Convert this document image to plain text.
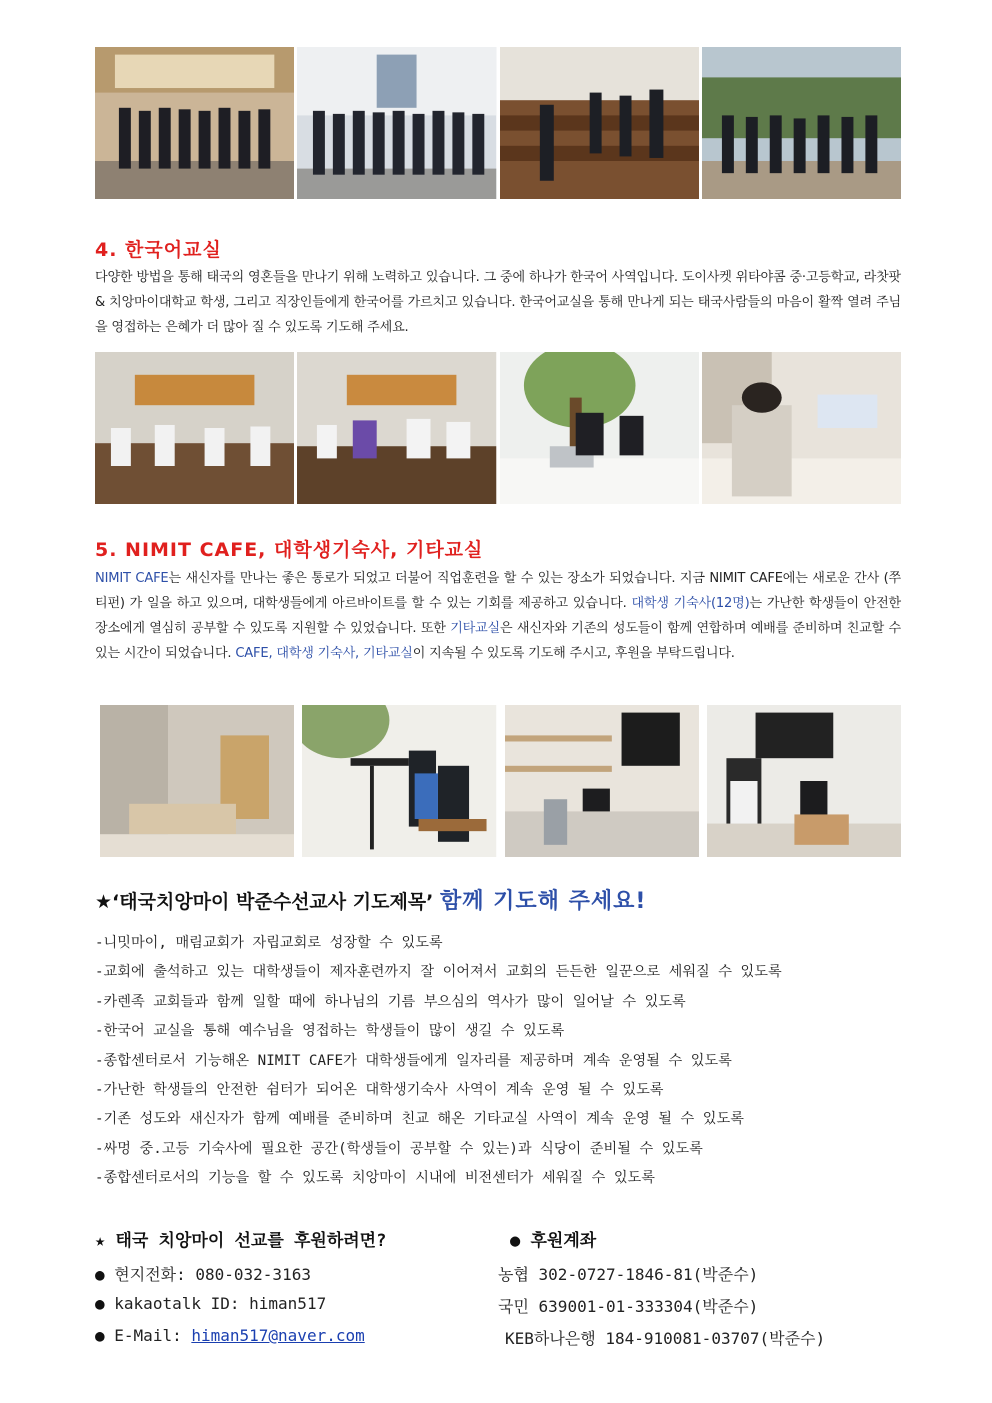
4. 한국어교실
다양한 방법을 통해 태국의 영혼들을 만나기 위해 노력하고 있습니다. 그 중에 하나가 한국어 사역입니다. 도이사켓 위타야콤 중·고등학교, 라찻팟 & 치앙마이대학교 학생, 그리고 직장인들에게 한국어를 가르치고 있습니다. 한국어교실을 통해 만나게 되는 태국사람들의 마음이 활짝 열려 주님을 영접하는 은혜가 더 많아 질 수 있도록 기도해 주세요.
5. NIMIT CAFE, 대학생기숙사, 기타교실
NIMIT CAFE는 새신자를 만나는 좋은 통로가 되었고 더불어 직업훈련을 할 수 있는 장소가 되었습니다. 지금 NIMIT CAFE에는 새로운 간사 (쭈티펀) 가 일을 하고 있으며, 대학생들에게 아르바이트를 할 수 있는 기회를 제공하고 있습니다. 대학생 기숙사(12명)는 가난한 학생들이 안전한 장소에게 열심히 공부할 수 있도록 지원할 수 있었습니다. 또한 기타교실은 새신자와 기존의 성도들이 함께 연합하며 예배를 준비하며 친교할 수 있는 시간이 되었습니다. CAFE, 대학생 기숙사, 기타교실이 지속될 수 있도록 기도해 주시고, 후원을 부탁드립니다.
★‘태국치앙마이 박준수선교사 기도제목’ 함께 기도해 주세요!
-니밋마이, 매림교회가 자립교회로 성장할 수 있도록
-교회에 출석하고 있는 대학생들이 제자훈련까지 잘 이어져서 교회의 든든한 일꾼으로 세워질 수 있도록
-카렌족 교회들과 함께 일할 때에 하나님의 기름 부으심의 역사가 많이 일어날 수 있도록
-한국어 교실을 통해 예수님을 영접하는 학생들이 많이 생길 수 있도록
-종합센터로서 기능해온 NIMIT CAFE가 대학생들에게 일자리를 제공하며 계속 운영될 수 있도록
-가난한 학생들의 안전한 쉼터가 되어온 대학생기숙사 사역이 계속 운영 될 수 있도록
-기존 성도와 새신자가 함께 예배를 준비하며 친교 해온 기타교실 사역이 계속 운영 될 수 있도록
-싸멍 중.고등 기숙사에 필요한 공간(학생들이 공부할 수 있는)과 식당이 준비될 수 있도록
-종합센터로서의 기능을 할 수 있도록 치앙마이 시내에 비전센터가 세워질 수 있도록
★ 태국 치앙마이 선교를 후원하려면?	● 후원계좌
● 현지전화: 080-032-3163
● kakaotalk ID: himan517
● E-Mail: himan517@naver.com
농협 302-0727-1846-81(박준수)
국민 639001-01-333304(박준수)
KEB하나은행 184-910081-03707(박준수)
